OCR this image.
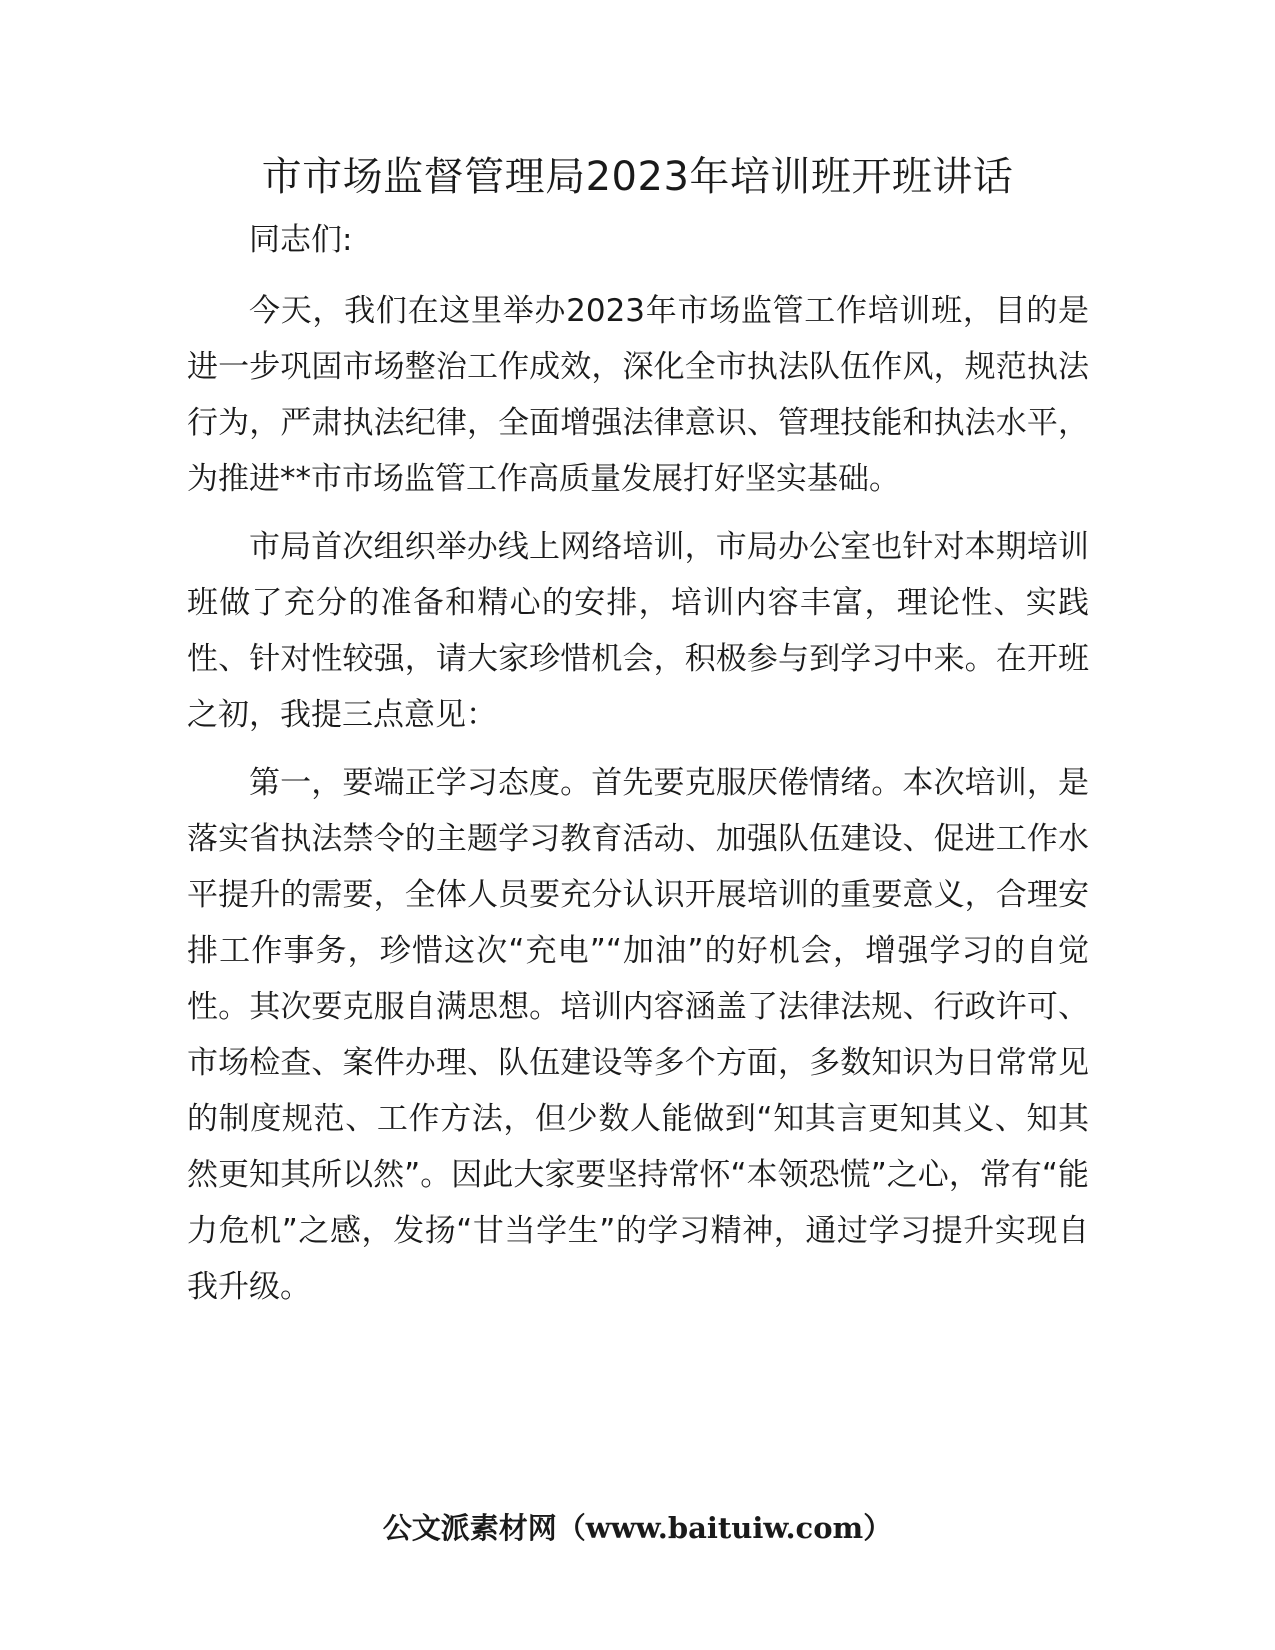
市市场监督管理局2023年培训班开班讲话

同志们:

今天，我们在这里举办2023年市场监管工作培训班，目的是进一步巩固市场整治工作成效，深化全市执法队伍作风，规范执法行为，严肃执法纪律，全面增强法律意识、管理技能和执法水平，为推进**市市场监管工作高质量发展打好坚实基础。

市局首次组织举办线上网络培训，市局办公室也针对本期培训班做了充分的准备和精心的安排，培训内容丰富，理论性、实践性、针对性较强，请大家珍惜机会，积极参与到学习中来。在开班之初，我提三点意见：

第一，要端正学习态度。首先要克服厌倦情绪。本次培训，是落实省执法禁令的主题学习教育活动、加强队伍建设、促进工作水平提升的需要，全体人员要充分认识开展培训的重要意义，合理安排工作事务，珍惜这次“充电”“加油”的好机会，增强学习的自觉性。其次要克服自满思想。培训内容涵盖了法律法规、行政许可、市场检查、案件办理、队伍建设等多个方面，多数知识为日常常见的制度规范、工作方法，但少数人能做到“知其言更知其义、知其然更知其所以然”。因此大家要坚持常怀“本领恐慌”之心，常有“能力危机”之感，发扬“甘当学生”的学习精神，通过学习提升实现自我升级。

公文派素材网（www.baituiw.com）
